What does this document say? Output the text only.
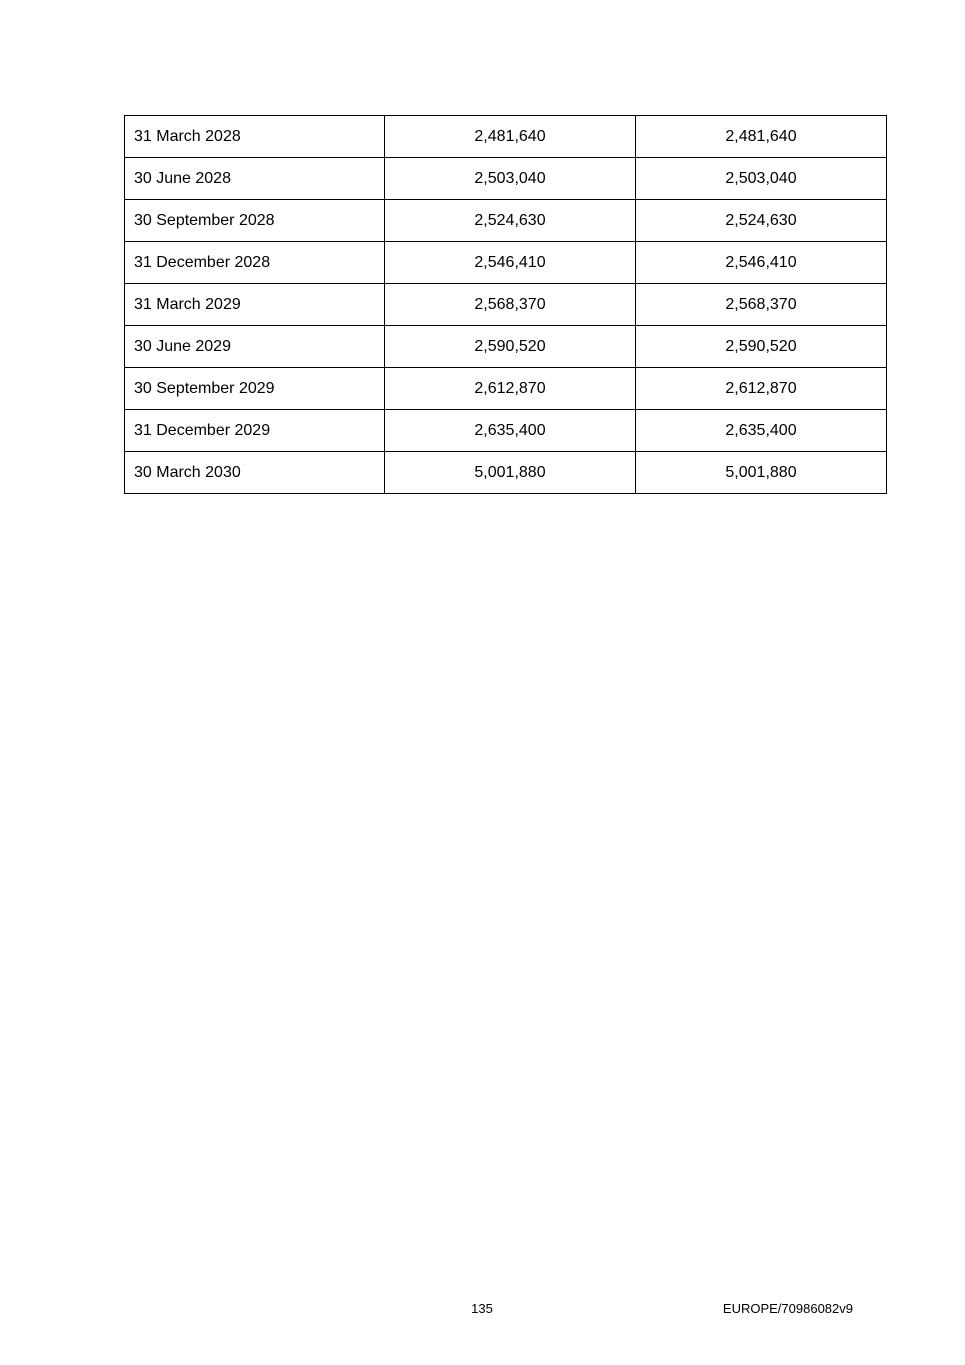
31 March 2028	2,481,640	2,481,640
30 June 2028	2,503,040	2,503,040
30 September 2028	2,524,630	2,524,630
31 December 2028	2,546,410	2,546,410
31 March 2029	2,568,370	2,568,370
30 June 2029	2,590,520	2,590,520
30 September 2029	2,612,870	2,612,870
31 December 2029	2,635,400	2,635,400
30 March 2030	5,001,880	5,001,880
135	EUROPE/70986082v9
